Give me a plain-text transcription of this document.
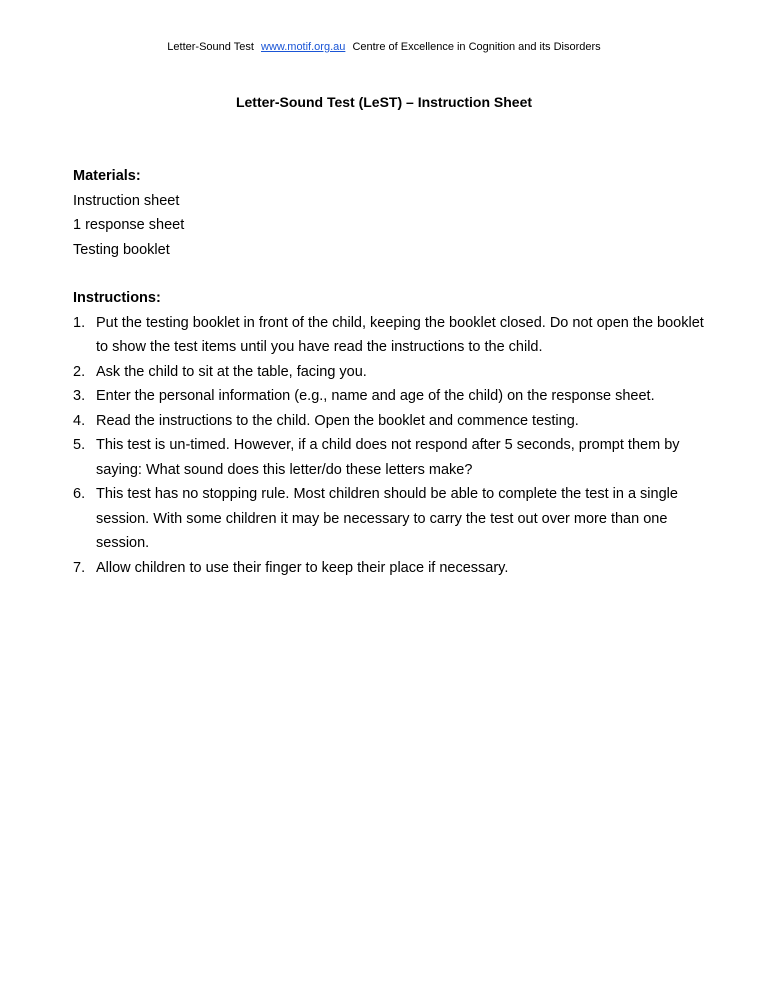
Letter-Sound Test www.motif.org.au Centre of Excellence in Cognition and its Disorders
Letter-Sound Test (LeST) – Instruction Sheet

Materials:

Instruction sheet
1 response sheet
Testing booklet

Instructions:

1. Put the testing booklet in front of the child, keeping the booklet closed. Do not open the booklet to show the test items until you have read the instructions to the child.
2. Ask the child to sit at the table, facing you.
3. Enter the personal information (e.g., name and age of the child) on the response sheet.
4. Read the instructions to the child. Open the booklet and commence testing.
5. This test is un-timed. However, if a child does not respond after 5 seconds, prompt them by saying: What sound does this letter/do these letters make?
6. This test has no stopping rule. Most children should be able to complete the test in a single session. With some children it may be necessary to carry the test out over more than one session.
7. Allow children to use their finger to keep their place if necessary.
